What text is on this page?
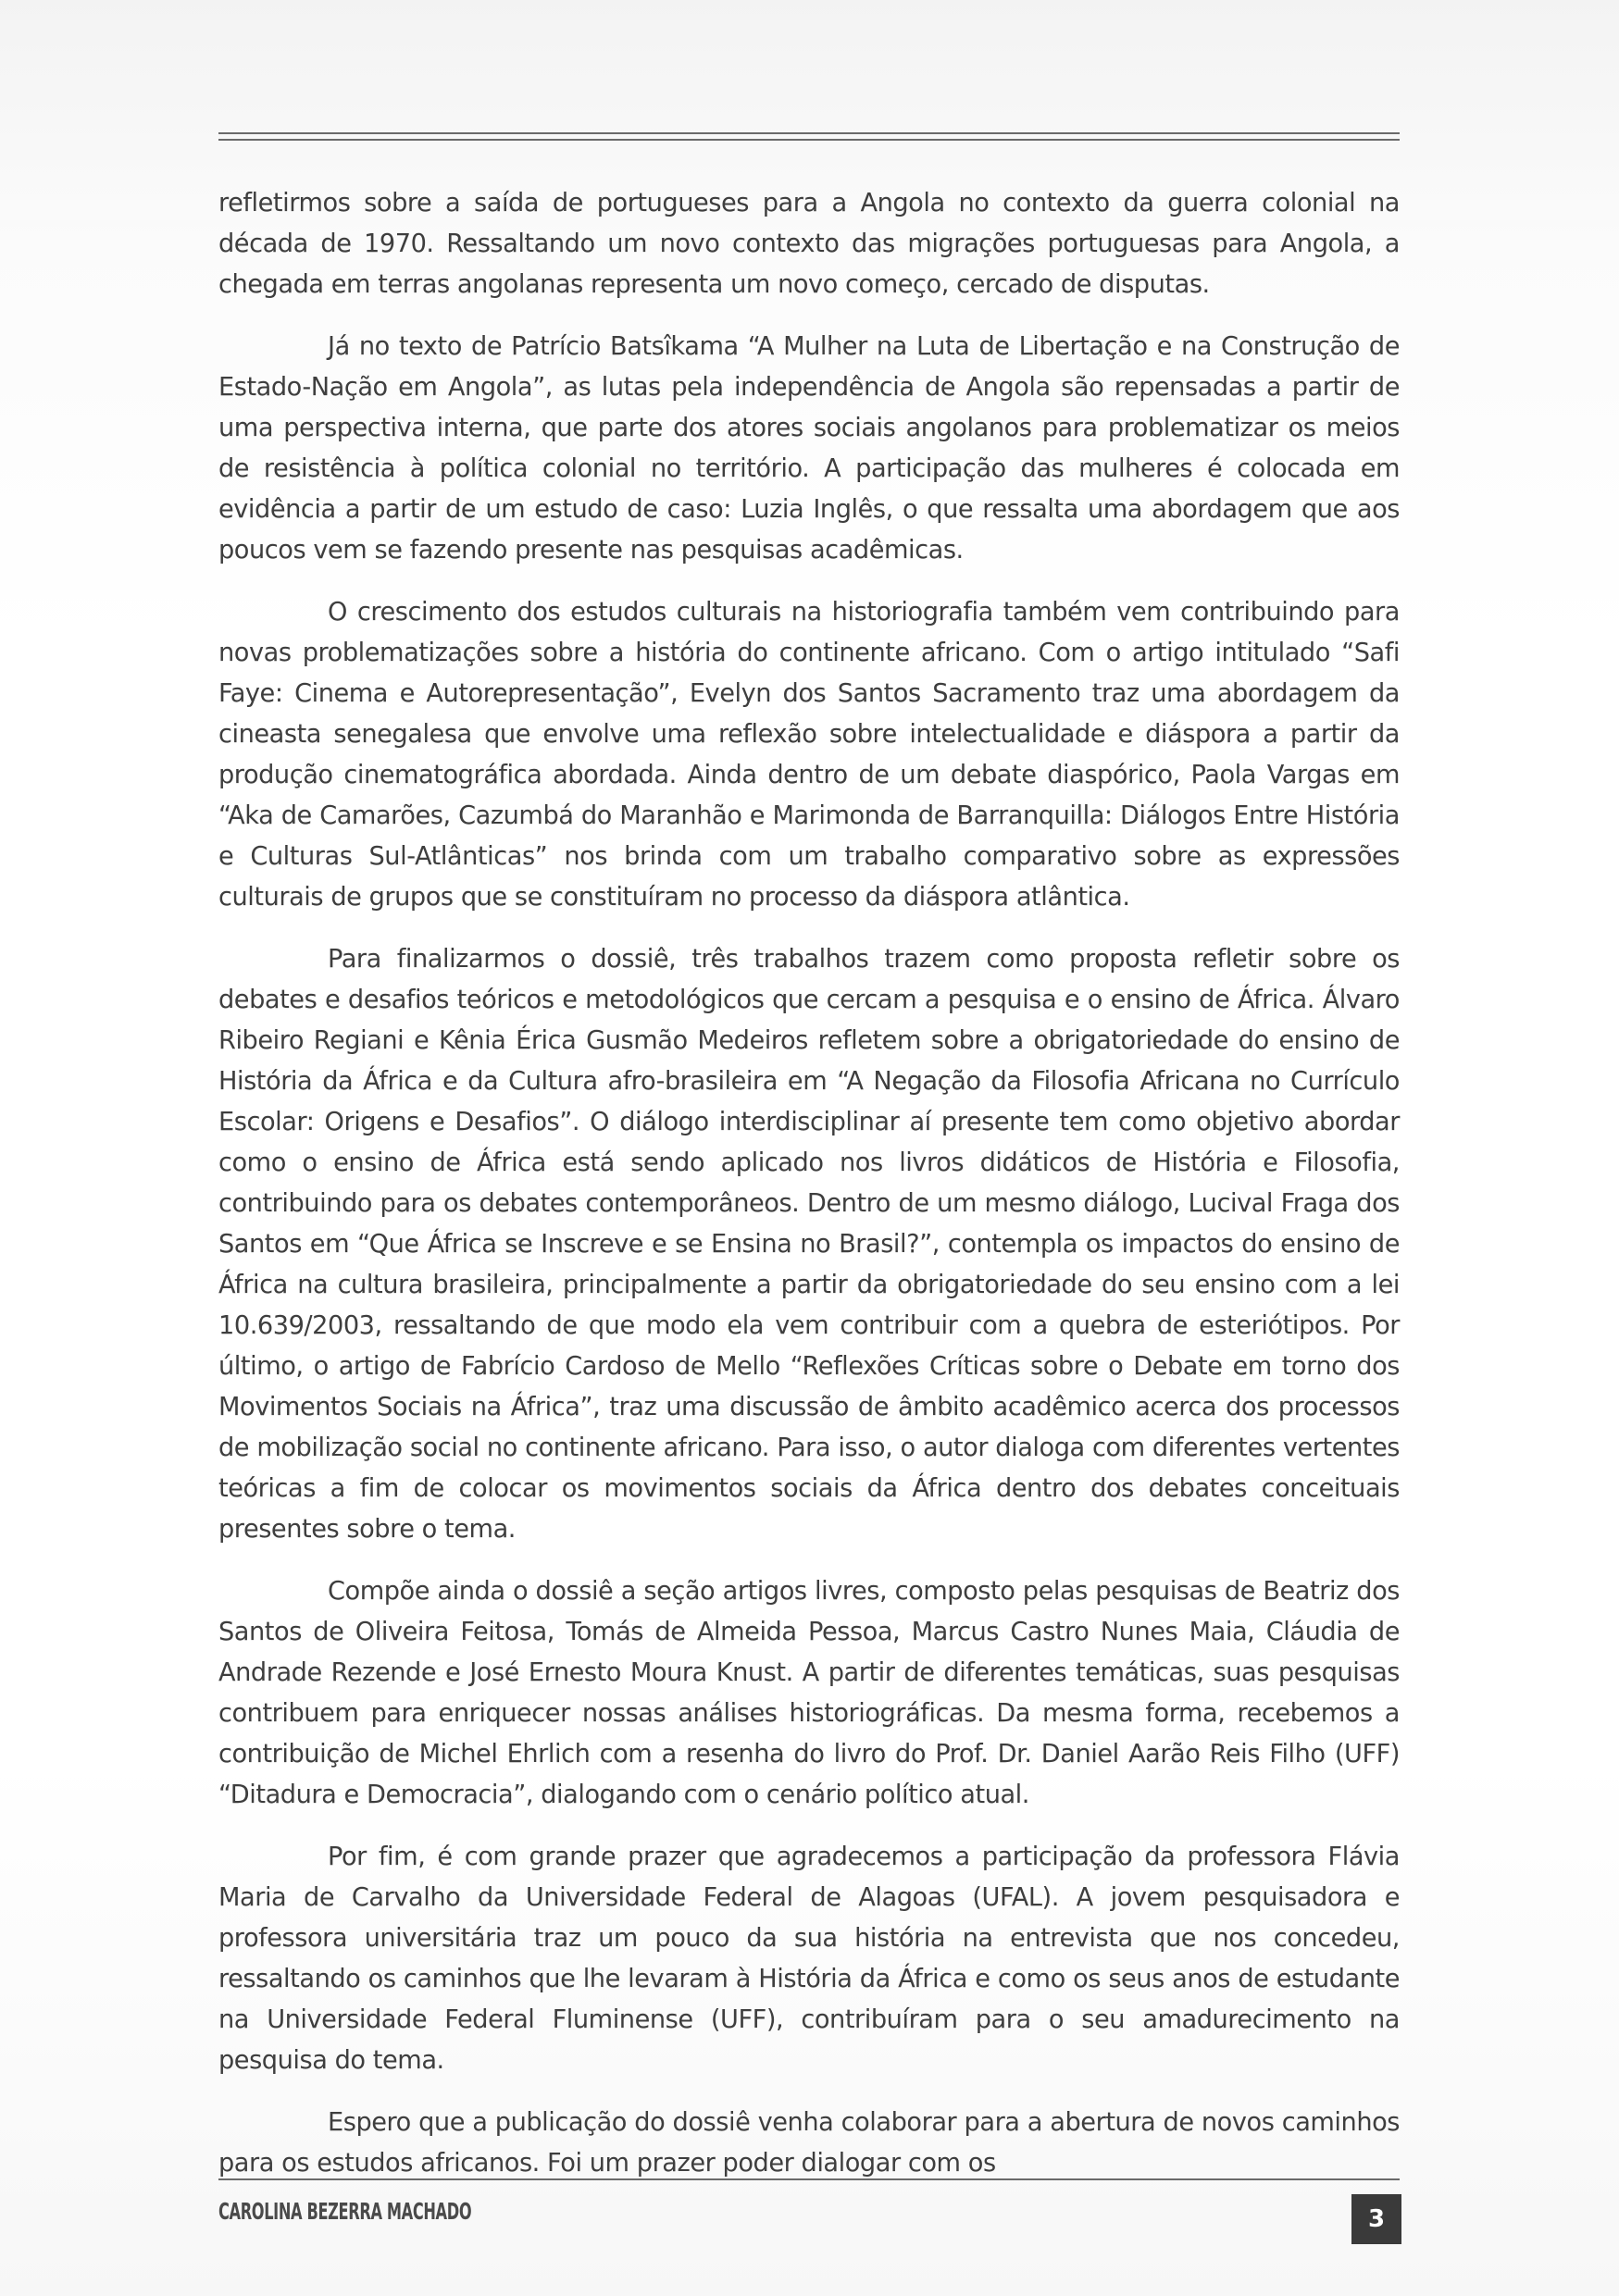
refletirmos sobre a saída de portugueses para a Angola no contexto da guerra colonial na década de 1970. Ressaltando um novo contexto das migrações portuguesas para Angola, a chegada em terras angolanas representa um novo começo, cercado de disputas.

Já no texto de Patrício Batsîkama “A Mulher na Luta de Libertação e na Construção de Estado-Nação em Angola”, as lutas pela independência de Angola são repensadas a partir de uma perspectiva interna, que parte dos atores sociais angolanos para problematizar os meios de resistência à política colonial no território. A participação das mulheres é colocada em evidência a partir de um estudo de caso: Luzia Inglês, o que ressalta uma abordagem que aos poucos vem se fazendo presente nas pesquisas acadêmicas.

O crescimento dos estudos culturais na historiografia também vem contribuindo para novas problematizações sobre a história do continente africano. Com o artigo intitulado “Safi Faye: Cinema e Autorepresentação”, Evelyn dos Santos Sacramento traz uma abordagem da cineasta senegalesa que envolve uma reflexão sobre intelectualidade e diáspora a partir da produção cinematográfica abordada. Ainda dentro de um debate diaspórico, Paola Vargas em “Aka de Camarões, Cazumbá do Maranhão e Marimonda de Barranquilla: Diálogos Entre História e Culturas Sul-Atlânticas” nos brinda com um trabalho comparativo sobre as expressões culturais de grupos que se constituíram no processo da diáspora atlântica.

Para finalizarmos o dossiê, três trabalhos trazem como proposta refletir sobre os debates e desafios teóricos e metodológicos que cercam a pesquisa e o ensino de África. Álvaro Ribeiro Regiani e Kênia Érica Gusmão Medeiros refletem sobre a obrigatoriedade do ensino de História da África e da Cultura afro-brasileira em “A Negação da Filosofia Africana no Currículo Escolar: Origens e Desafios”. O diálogo interdisciplinar aí presente tem como objetivo abordar como o ensino de África está sendo aplicado nos livros didáticos de História e Filosofia, contribuindo para os debates contemporâneos. Dentro de um mesmo diálogo, Lucival Fraga dos Santos em “Que África se Inscreve e se Ensina no Brasil?”, contempla os impactos do ensino de África na cultura brasileira, principalmente a partir da obrigatoriedade do seu ensino com a lei 10.639/2003, ressaltando de que modo ela vem contribuir com a quebra de esteriótipos. Por último, o artigo de Fabrício Cardoso de Mello “Reflexões Críticas sobre o Debate em torno dos Movimentos Sociais na África”, traz uma discussão de âmbito acadêmico acerca dos processos de mobilização social no continente africano. Para isso, o autor dialoga com diferentes vertentes teóricas a fim de colocar os movimentos sociais da África dentro dos debates conceituais presentes sobre o tema.

Compõe ainda o dossiê a seção artigos livres, composto pelas pesquisas de Beatriz dos Santos de Oliveira Feitosa, Tomás de Almeida Pessoa, Marcus Castro Nunes Maia, Cláudia de Andrade Rezende e José Ernesto Moura Knust. A partir de diferentes temáticas, suas pesquisas contribuem para enriquecer nossas análises historiográficas. Da mesma forma, recebemos a contribuição de Michel Ehrlich com a resenha do livro do Prof. Dr. Daniel Aarão Reis Filho (UFF) “Ditadura e Democracia”, dialogando com o cenário político atual.

Por fim, é com grande prazer que agradecemos a participação da professora Flávia Maria de Carvalho da Universidade Federal de Alagoas (UFAL). A jovem pesquisadora e professora universitária traz um pouco da sua história na entrevista que nos concedeu, ressaltando os caminhos que lhe levaram à História da África e como os seus anos de estudante na Universidade Federal Fluminense (UFF), contribuíram para o seu amadurecimento na pesquisa do tema.

Espero que a publicação do dossiê venha colaborar para a abertura de novos caminhos para os estudos africanos. Foi um prazer poder dialogar com os

CAROLINA BEZERRA MACHADO	3
